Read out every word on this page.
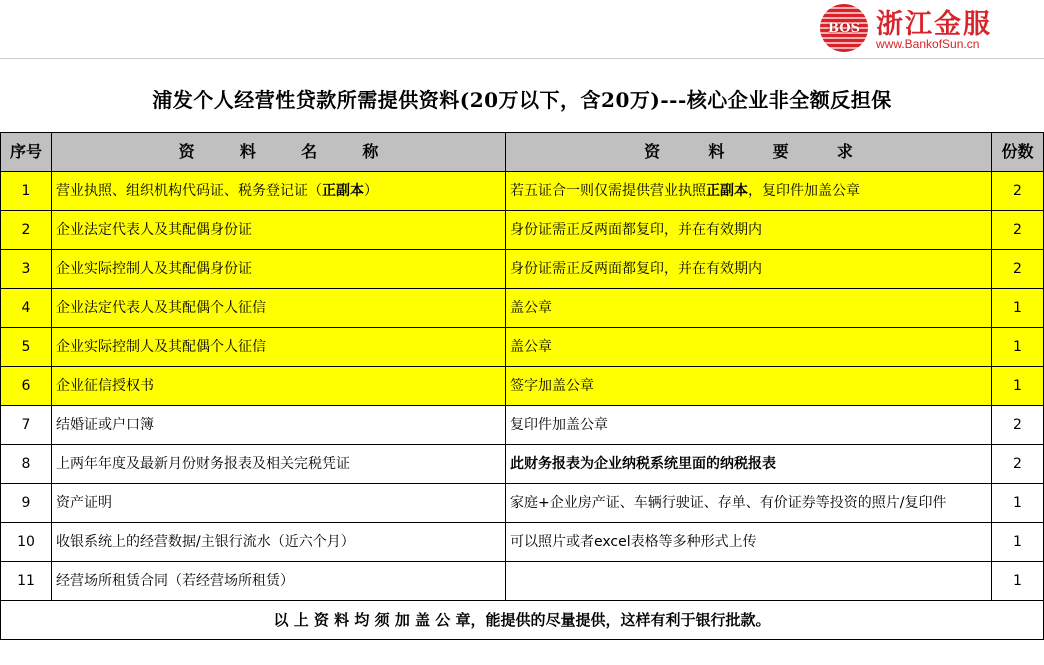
BOS 浙江金服
www.BankofSun.cn
浦发个人经营性贷款所需提供资料(20万以下，含20万)---核心企业非全额反担保
序号	资 料 名 称	资 料 要 求	份数
1	营业执照、组织机构代码证、税务登记证（正副本）	若五证合一则仅需提供营业执照正副本，复印件加盖公章	2
2	企业法定代表人及其配偶身份证	身份证需正反两面都复印，并在有效期内	2
3	企业实际控制人及其配偶身份证	身份证需正反两面都复印，并在有效期内	2
4	企业法定代表人及其配偶个人征信	盖公章	1
5	企业实际控制人及其配偶个人征信	盖公章	1
6	企业征信授权书	签字加盖公章	1
7	结婚证或户口簿	复印件加盖公章	2
8	上两年年度及最新月份财务报表及相关完税凭证	此财务报表为企业纳税系统里面的纳税报表	2
9	资产证明	家庭+企业房产证、车辆行驶证、存单、有价证券等投资的照片/复印件	1
10	收银系统上的经营数据/主银行流水（近六个月）	可以照片或者excel表格等多种形式上传	1
11	经营场所租赁合同（若经营场所租赁）		1
以 上 资 料 均 须 加 盖 公 章，能提供的尽量提供，这样有利于银行批款。			
